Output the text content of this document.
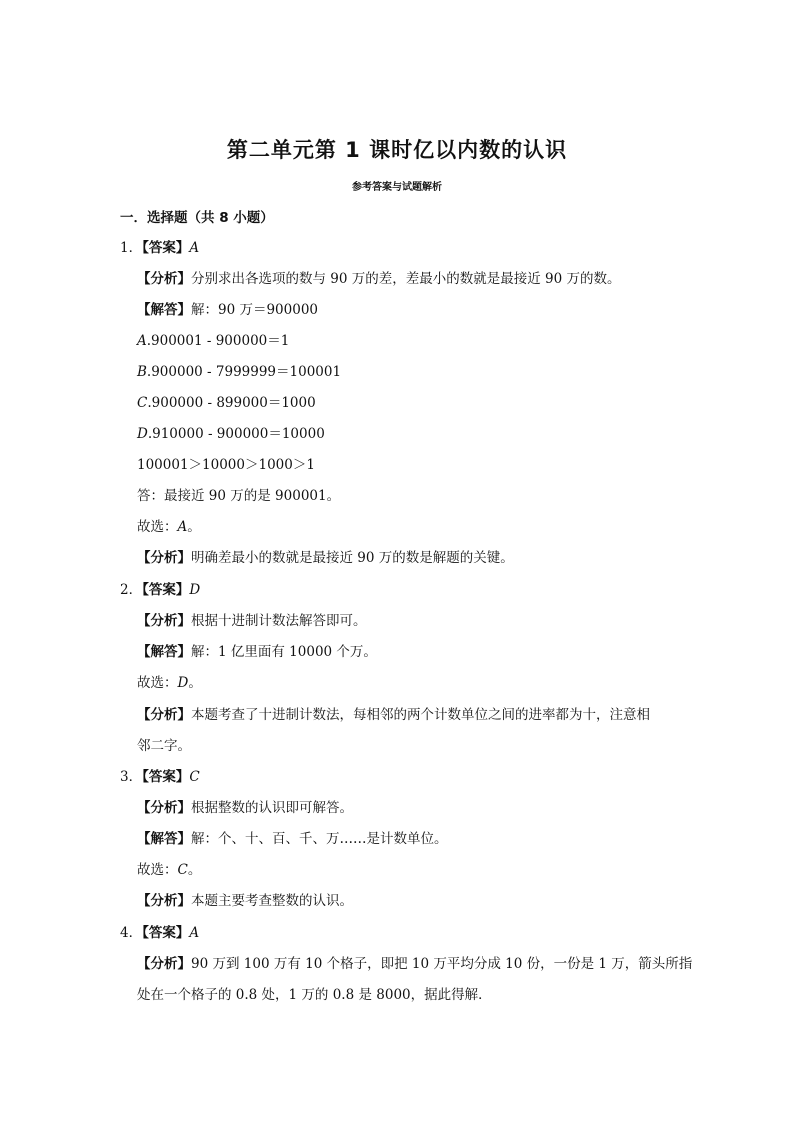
第二单元第 1 课时亿以内数的认识
参考答案与试题解析
一．选择题（共 8 小题）
1．【答案】A
【分析】分别求出各选项的数与 90 万的差，差最小的数就是最接近 90 万的数。
【解答】解：90 万＝900000
A.900001 - 900000＝1
B.900000 - 7999999＝100001
C.900000 - 899000＝1000
D.910000 - 900000＝10000
100001＞10000＞1000＞1
答：最接近 90 万的是 900001。
故选：A。
【分析】明确差最小的数就是最接近 90 万的数是解题的关键。
2．【答案】D
【分析】根据十进制计数法解答即可。
【解答】解：1 亿里面有 10000 个万。
故选：D。
【分析】本题考查了十进制计数法，每相邻的两个计数单位之间的进率都为十，注意相
邻二字。
3．【答案】C
【分析】根据整数的认识即可解答。
【解答】解：个、十、百、千、万……是计数单位。
故选：C。
【分析】本题主要考查整数的认识。
4．【答案】A
【分析】90 万到 100 万有 10 个格子，即把 10 万平均分成 10 份，一份是 1 万，箭头所指
处在一个格子的 0.8 处，1 万的 0.8 是 8000，据此得解．
